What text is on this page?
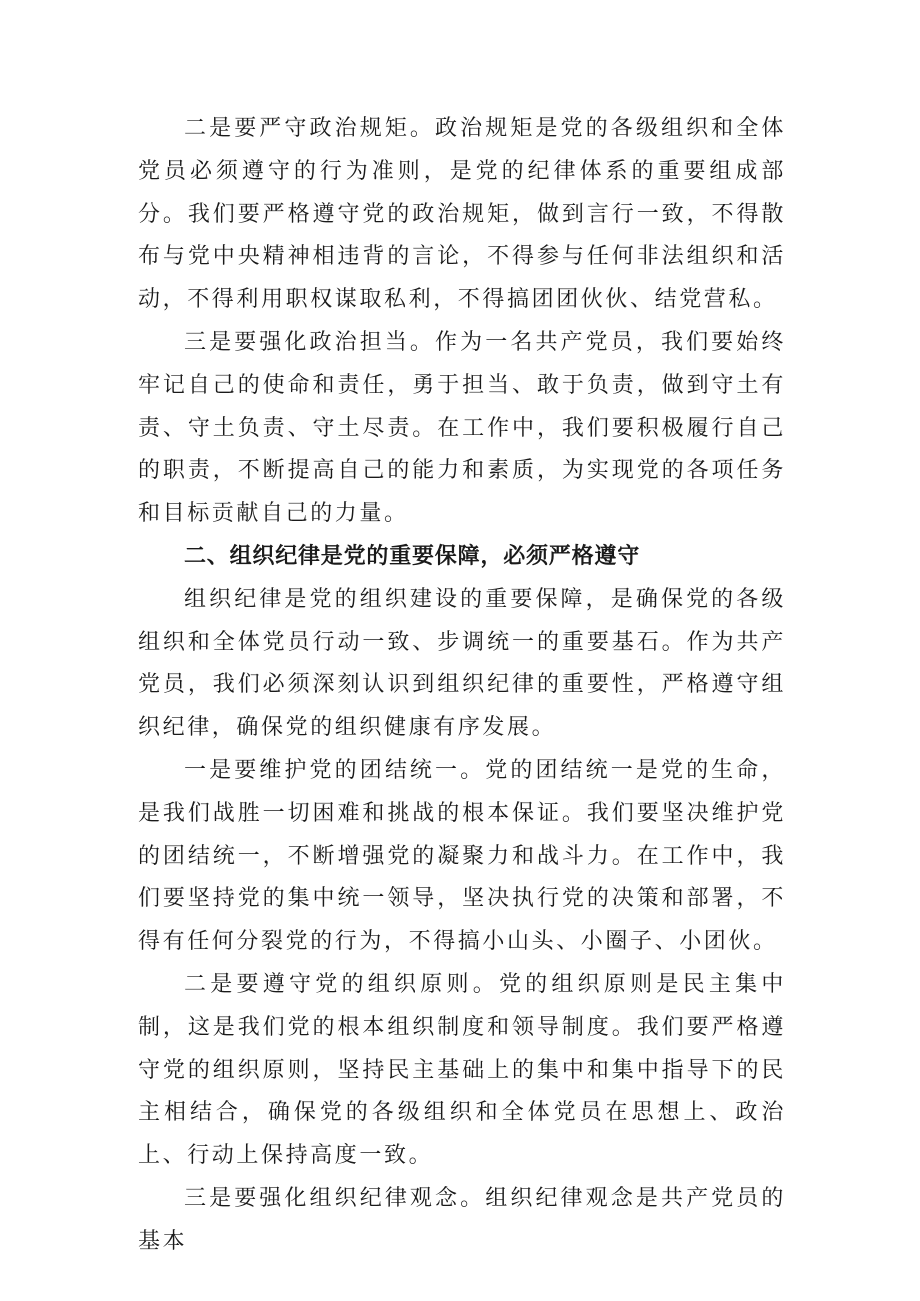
二是要严守政治规矩。政治规矩是党的各级组织和全体党员必须遵守的行为准则，是党的纪律体系的重要组成部分。我们要严格遵守党的政治规矩，做到言行一致，不得散布与党中央精神相违背的言论，不得参与任何非法组织和活动，不得利用职权谋取私利，不得搞团团伙伙、结党营私。

三是要强化政治担当。作为一名共产党员，我们要始终牢记自己的使命和责任，勇于担当、敢于负责，做到守土有责、守土负责、守土尽责。在工作中，我们要积极履行自己的职责，不断提高自己的能力和素质，为实现党的各项任务和目标贡献自己的力量。

二、组织纪律是党的重要保障，必须严格遵守

组织纪律是党的组织建设的重要保障，是确保党的各级组织和全体党员行动一致、步调统一的重要基石。作为共产党员，我们必须深刻认识到组织纪律的重要性，严格遵守组织纪律，确保党的组织健康有序发展。

一是要维护党的团结统一。党的团结统一是党的生命，是我们战胜一切困难和挑战的根本保证。我们要坚决维护党的团结统一，不断增强党的凝聚力和战斗力。在工作中，我们要坚持党的集中统一领导，坚决执行党的决策和部署，不得有任何分裂党的行为，不得搞小山头、小圈子、小团伙。

二是要遵守党的组织原则。党的组织原则是民主集中制，这是我们党的根本组织制度和领导制度。我们要严格遵守党的组织原则，坚持民主基础上的集中和集中指导下的民主相结合，确保党的各级组织和全体党员在思想上、政治上、行动上保持高度一致。

三是要强化组织纪律观念。组织纪律观念是共产党员的基本
